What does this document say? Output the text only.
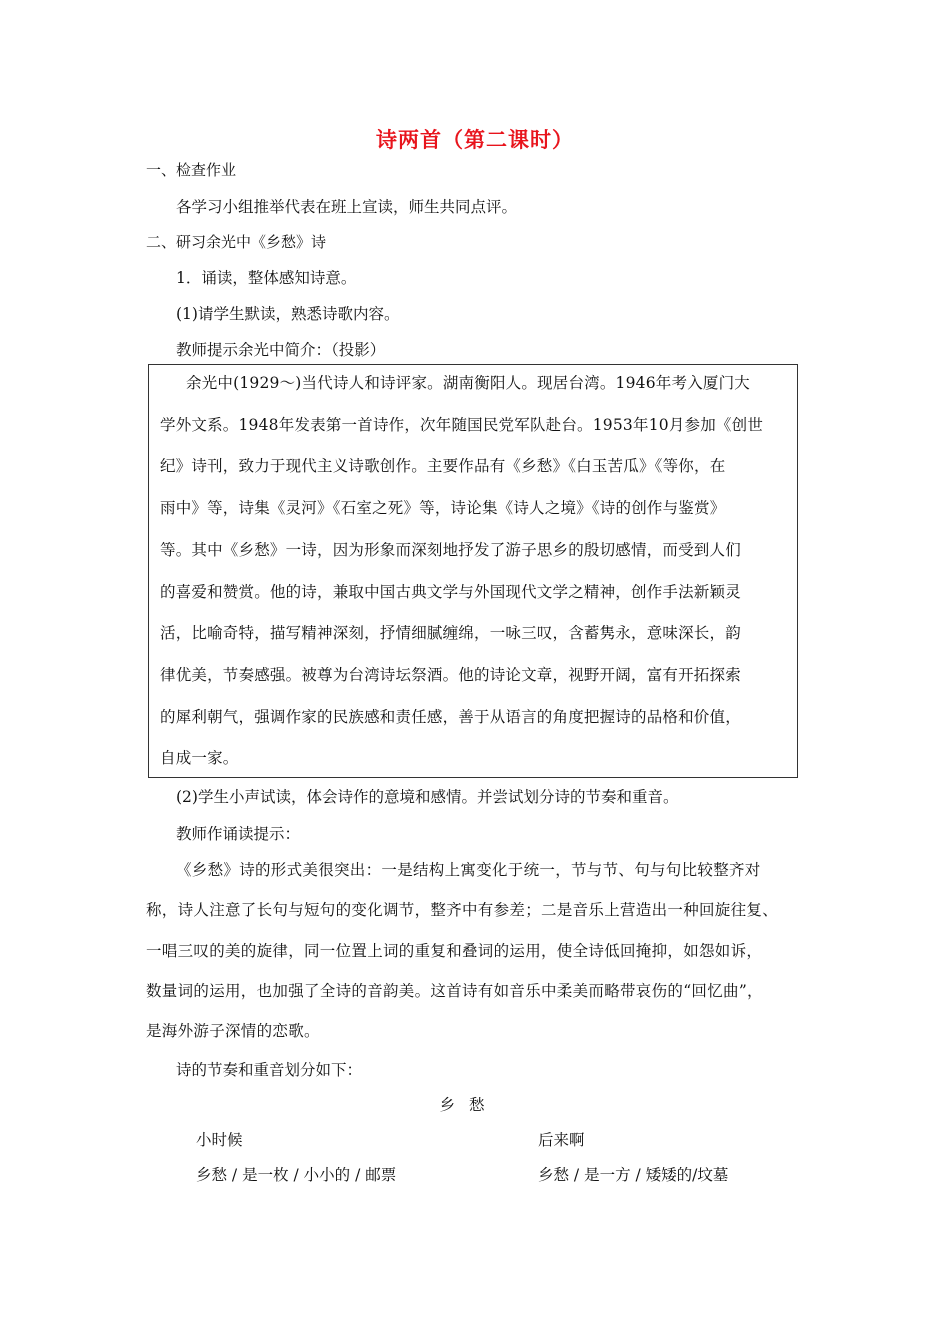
诗两首（第二课时）
一、检查作业
各学习小组推举代表在班上宣读，师生共同点评。
二、研习余光中《乡愁》诗
1．诵读，整体感知诗意。
(1)请学生默读，熟悉诗歌内容。
教师提示余光中简介：（投影）
余光中(1929～)当代诗人和诗评家。湖南衡阳人。现居台湾。1946年考入厦门大
学外文系。1948年发表第一首诗作，次年随国民党军队赴台。1953年10月参加《创世
纪》诗刊，致力于现代主义诗歌创作。主要作品有《乡愁》《白玉苦瓜》《等你，在
雨中》等，诗集《灵河》《石室之死》等，诗论集《诗人之境》《诗的创作与鉴赏》
等。其中《乡愁》一诗，因为形象而深刻地抒发了游子思乡的殷切感情，而受到人们
的喜爱和赞赏。他的诗，兼取中国古典文学与外国现代文学之精神，创作手法新颖灵
活，比喻奇特，描写精神深刻，抒情细腻缠绵，一咏三叹，含蓄隽永，意味深长，韵
律优美，节奏感强。被尊为台湾诗坛祭酒。他的诗论文章，视野开阔，富有开拓探索
的犀利朝气，强调作家的民族感和责任感，善于从语言的角度把握诗的品格和价值，
自成一家。
(2)学生小声试读，体会诗作的意境和感情。并尝试划分诗的节奏和重音。
教师作诵读提示：
《乡愁》诗的形式美很突出：一是结构上寓变化于统一，节与节、句与句比较整齐对
称，诗人注意了长句与短句的变化调节，整齐中有参差；二是音乐上营造出一种回旋往复、
一唱三叹的美的旋律，同一位置上词的重复和叠词的运用，使全诗低回掩抑，如怨如诉，
数量词的运用，也加强了全诗的音韵美。这首诗有如音乐中柔美而略带哀伤的“回忆曲”，
是海外游子深情的恋歌。
诗的节奏和重音划分如下：
乡愁
小时候
乡愁 / 是一枚 / 小小的 / 邮票
后来啊
乡愁 / 是一方 / 矮矮的/坟墓
